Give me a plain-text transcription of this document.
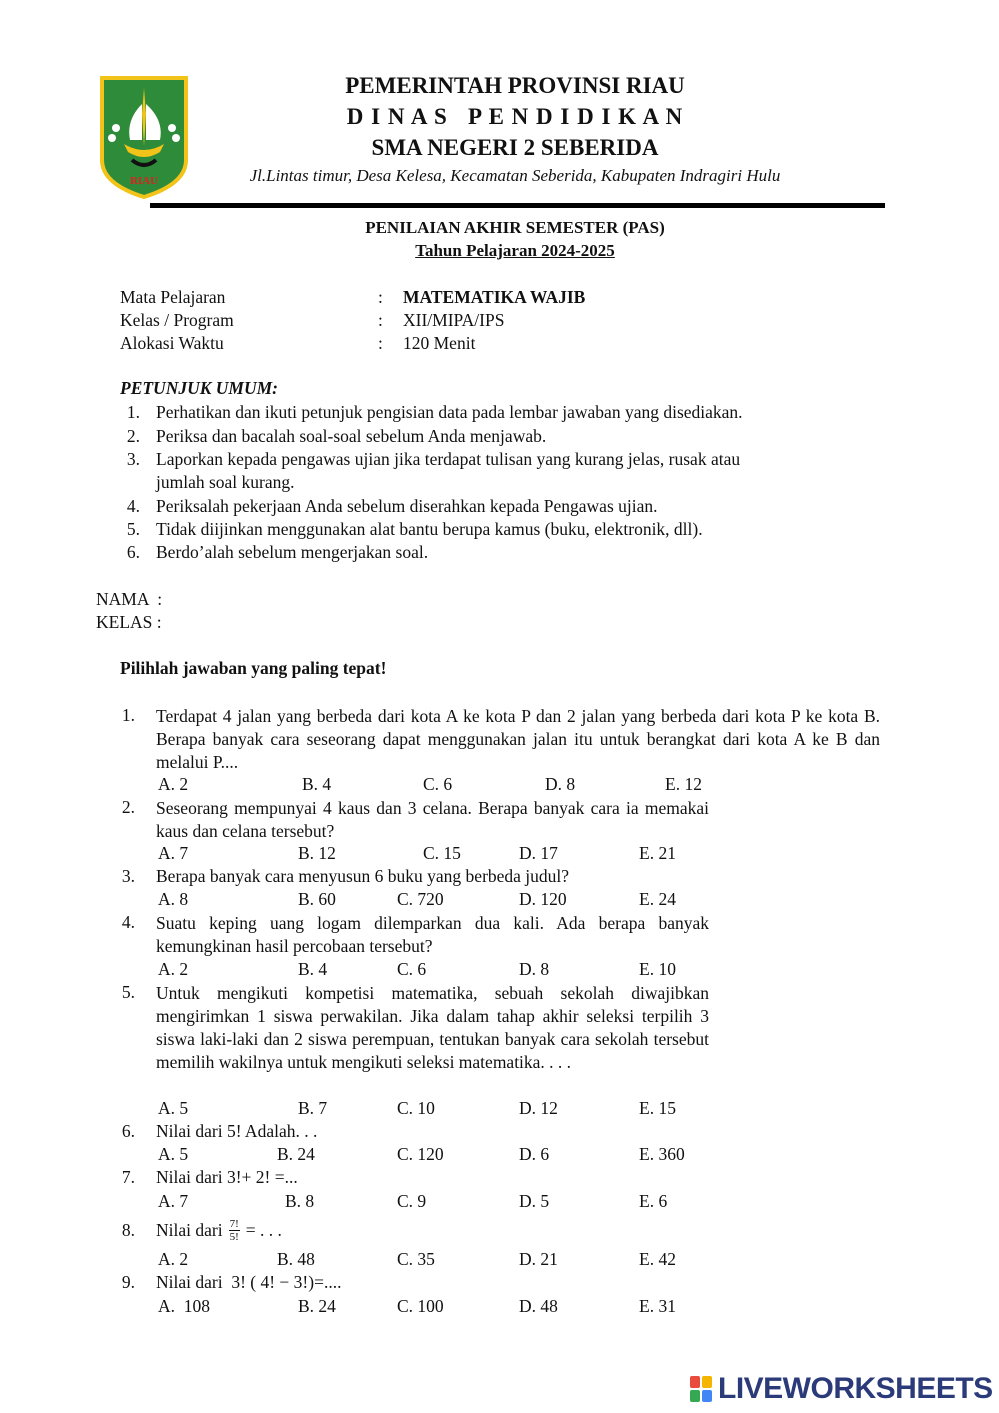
RIAU
PEMERINTAH PROVINSI RIAU
D I N A S   P E N D I D I K A N
SMA NEGERI 2 SEBERIDA
Jl.Lintas timur, Desa Kelesa, Kecamatan Seberida, Kabupaten Indragiri Hulu
PENILAIAN AKHIR SEMESTER (PAS)
Tahun Pelajaran 2024-2025
Mata Pelajaran	: MATEMATIKA WAJIB
Kelas / Program	: XII/MIPA/IPS
Alokasi Waktu	: 120 Menit
PETUNJUK UMUM:
1. Perhatikan dan ikuti petunjuk pengisian data pada lembar jawaban yang disediakan.
2. Periksa dan bacalah soal-soal sebelum Anda menjawab.
3. Laporkan kepada pengawas ujian jika terdapat tulisan yang kurang jelas, rusak atau
jumlah soal kurang.
4. Periksalah pekerjaan Anda sebelum diserahkan kepada Pengawas ujian.
5. Tidak diijinkan menggunakan alat bantu berupa kamus (buku, elektronik, dll).
6. Berdo’alah sebelum mengerjakan soal.
NAMA  :
KELAS :
Pilihlah jawaban yang paling tepat!
1. Terdapat 4 jalan yang berbeda dari kota A ke kota P dan 2 jalan yang berbeda dari kota P ke kota B. Berapa banyak cara seseorang dapat menggunakan jalan itu untuk berangkat dari kota A ke B dan melalui P....
A. 2	B. 4	C. 6	D. 8	E. 12
2. Seseorang mempunyai 4 kaus dan 3 celana. Berapa banyak cara ia memakai kaus dan celana tersebut?
A. 7	B. 12	C. 15	D. 17	E. 21
3. Berapa banyak cara menyusun 6 buku yang berbeda judul?
A. 8	B. 60	C. 720	D. 120	E. 24
4. Suatu keping uang logam dilemparkan dua kali. Ada berapa banyak kemungkinan hasil percobaan tersebut?
A. 2	B. 4	C. 6	D. 8	E. 10
5. Untuk mengikuti kompetisi matematika, sebuah sekolah diwajibkan mengirimkan 1 siswa perwakilan. Jika dalam tahap akhir seleksi terpilih 3 siswa laki-laki dan 2 siswa perempuan, tentukan banyak cara sekolah tersebut memilih wakilnya untuk mengikuti seleksi matematika. . . .
A. 5	B. 7	C. 10	D. 12	E. 15
6. Nilai dari 5! Adalah. . .
A. 5	B. 24	C. 120	D. 6	E. 360
7. Nilai dari 3!+ 2! =...
A. 7	B. 8	C. 9	D. 5	E. 6
8. Nilai dari $\frac{7!}{5!}$ = . . .
A. 2	B. 48	C. 35	D. 21	E. 42
9. Nilai dari  3! ( 4! − 3!)=....
A.  108	B. 24	C. 100	D. 48	E. 31
LIVEWORKSHEETS
